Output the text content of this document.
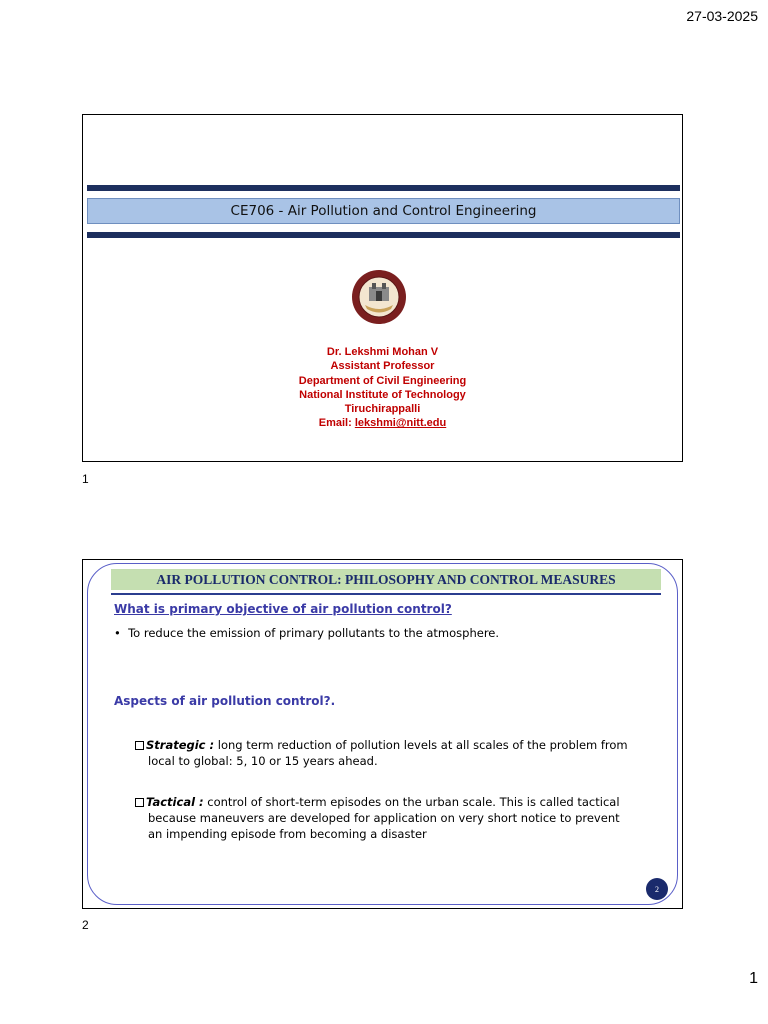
27-03-2025
CE706 - Air Pollution and Control Engineering
Dr. Lekshmi Mohan V
Assistant Professor
Department of Civil Engineering
National Institute of Technology
Tiruchirappalli
Email: lekshmi@nitt.edu
1
AIR POLLUTION CONTROL: PHILOSOPHY AND CONTROL MEASURES
What is primary objective of air pollution control?
•  To reduce the emission of primary pollutants to the atmosphere.
Aspects of air pollution control?.
Strategic : long term reduction of pollution levels at all scales of the problem from
local to global: 5, 10 or 15 years ahead.
Tactical : control of short-term episodes on the urban scale. This is called tactical
because maneuvers are developed for application on very short notice to prevent
an impending episode from becoming a disaster
2
2
1
